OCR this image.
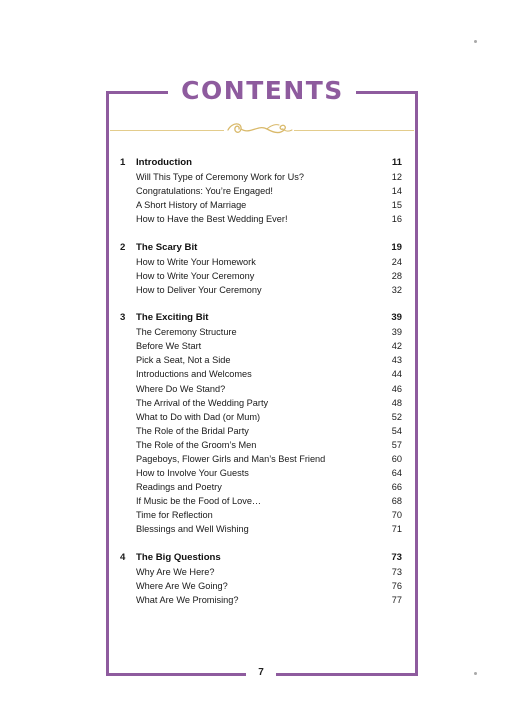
CONTENTS
1 Introduction	11
Will This Type of Ceremony Work for Us?	12
Congratulations: You’re Engaged!	14
A Short History of Marriage	15
How to Have the Best Wedding Ever!	16
2 The Scary Bit	19
How to Write Your Homework	24
How to Write Your Ceremony	28
How to Deliver Your Ceremony	32
3 The Exciting Bit	39
The Ceremony Structure	39
Before We Start	42
Pick a Seat, Not a Side	43
Introductions and Welcomes	44
Where Do We Stand?	46
The Arrival of the Wedding Party	48
What to Do with Dad (or Mum)	52
The Role of the Bridal Party	54
The Role of the Groom’s Men	57
Pageboys, Flower Girls and Man’s Best Friend	60
How to Involve Your Guests	64
Readings and Poetry	66
If Music be the Food of Love…	68
Time for Reflection	70
Blessings and Well Wishing	71
4 The Big Questions	73
Why Are We Here?	73
Where Are We Going?	76
What Are We Promising?	77
7
